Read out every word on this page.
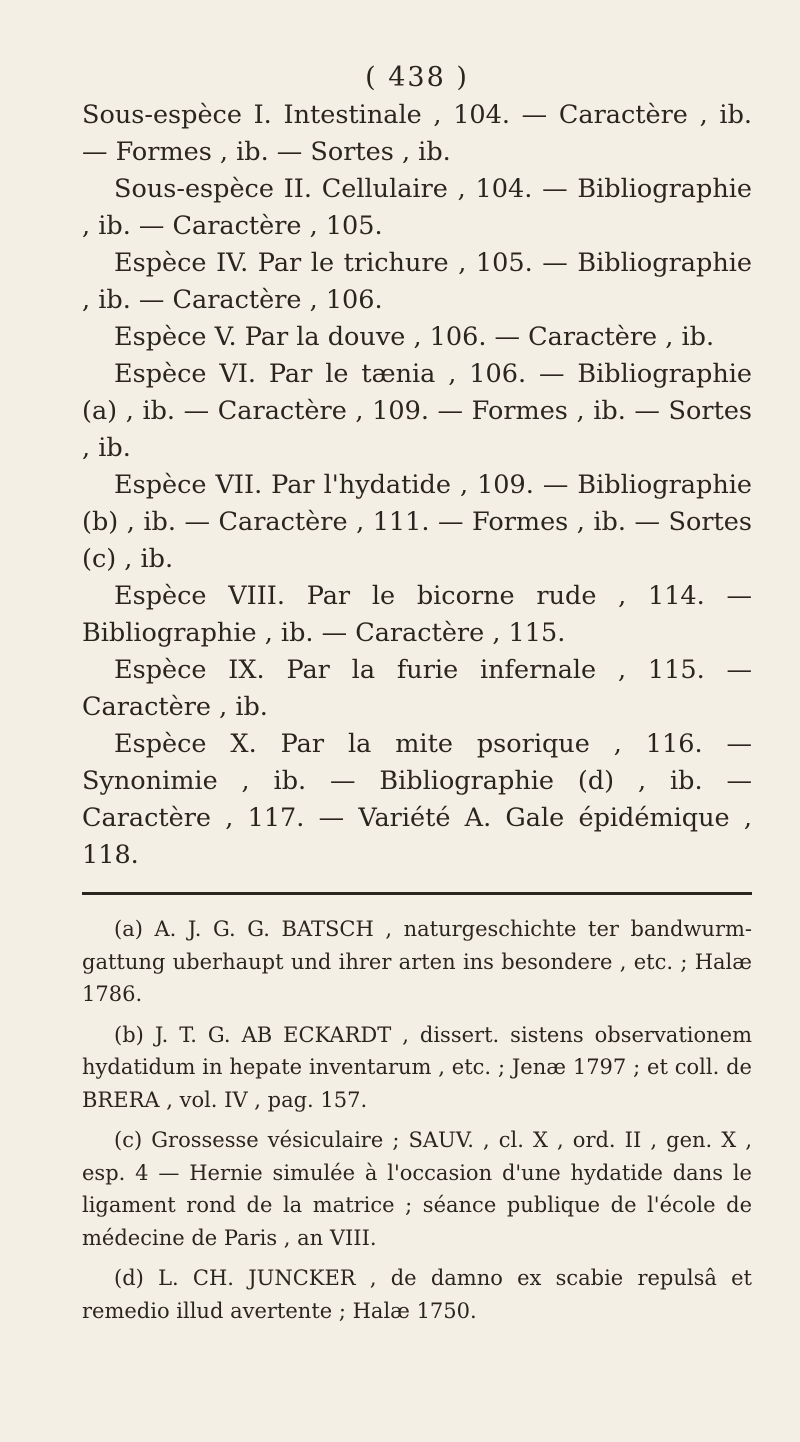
( 438 )

Sous-espèce I. Intestinale , 104. — Caractère , ib. — Formes , ib. — Sortes , ib.

Sous-espèce II. Cellulaire , 104. — Bibliographie , ib. — Caractère , 105.

Espèce IV. Par le trichure , 105. — Bibliographie , ib. — Caractère , 106.

Espèce V. Par la douve , 106. — Caractère , ib.

Espèce VI. Par le tænia , 106. — Bibliographie (a) , ib. — Caractère , 109. — Formes , ib. — Sortes , ib.

Espèce VII. Par l'hydatide , 109. — Bibliographie (b) , ib. — Caractère , 111. — Formes , ib. — Sortes (c) , ib.

Espèce VIII. Par le bicorne rude , 114. — Bibliographie , ib. — Caractère , 115.

Espèce IX. Par la furie infernale , 115. — Caractère , ib.

Espèce X. Par la mite psorique , 116. — Synonimie , ib. — Bibliographie (d) , ib. — Caractère , 117. — Variété A. Gale épidémique , 118.

(a) A. J. G. G. BATSCH , naturgeschichte ter bandwurm-gattung uberhaupt und ihrer arten ins besondere , etc. ; Halæ 1786.

(b) J. T. G. AB ECKARDT , dissert. sistens observationem hydatidum in hepate inventarum , etc. ; Jenæ 1797 ; et coll. de BRERA , vol. IV , pag. 157.

(c) Grossesse vésiculaire ; SAUV. , cl. X , ord. II , gen. X , esp. 4 — Hernie simulée à l'occasion d'une hydatide dans le ligament rond de la matrice ; séance publique de l'école de médecine de Paris , an VIII.

(d) L. CH. JUNCKER , de damno ex scabie repulsâ et remedio illud avertente ; Halæ 1750.
